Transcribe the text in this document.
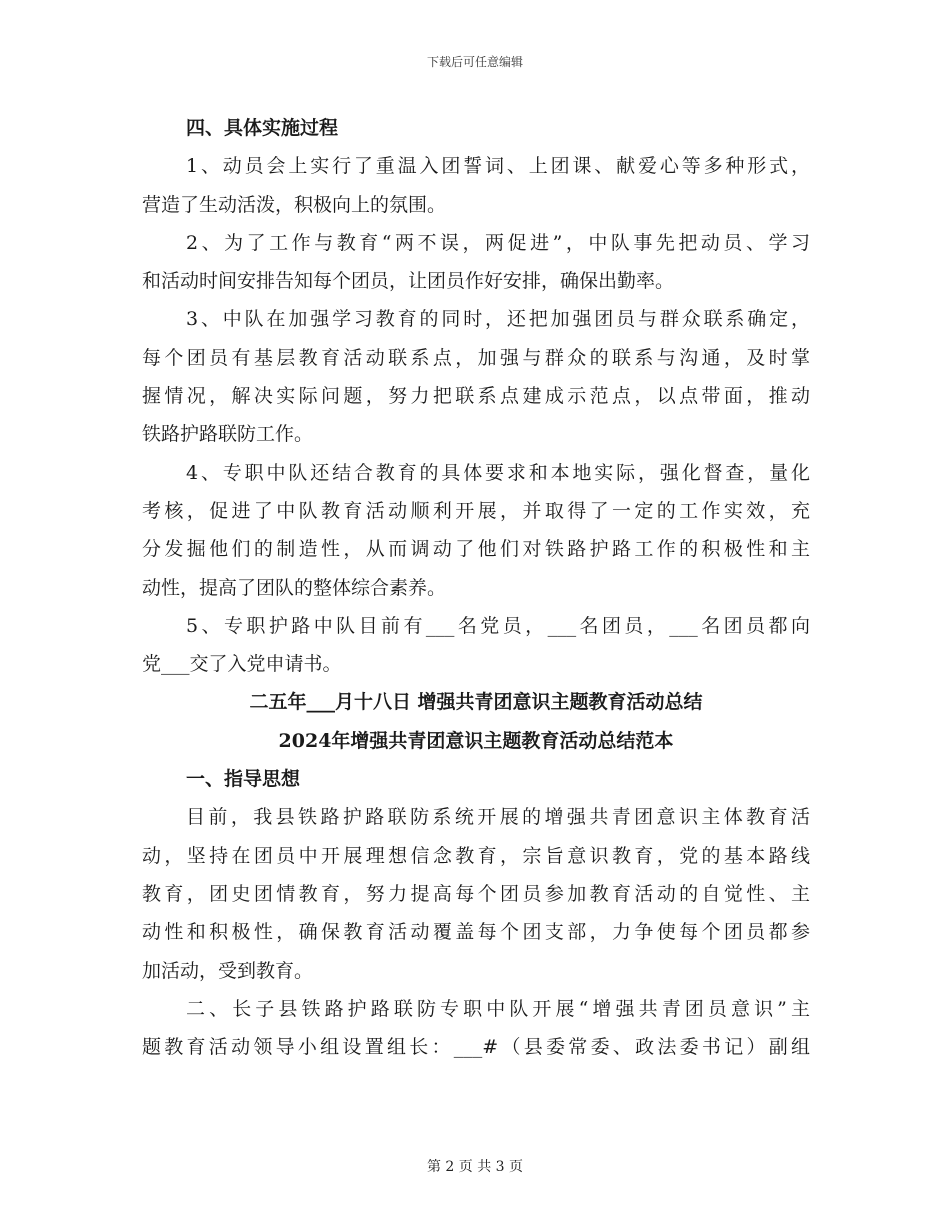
下载后可任意编辑
四、具体实施过程
1、动员会上实行了重温入团誓词、上团课、献爱心等多种形式，
营造了生动活泼，积极向上的氛围。
2、为了工作与教育“两不误，两促进”，中队事先把动员、学习
和活动时间安排告知每个团员，让团员作好安排，确保出勤率。
3、中队在加强学习教育的同时，还把加强团员与群众联系确定，
每个团员有基层教育活动联系点，加强与群众的联系与沟通，及时掌
握情况，解决实际问题，努力把联系点建成示范点，以点带面，推动
铁路护路联防工作。
4、专职中队还结合教育的具体要求和本地实际，强化督查，量化
考核，促进了中队教育活动顺利开展，并取得了一定的工作实效，充
分发掘他们的制造性，从而调动了他们对铁路护路工作的积极性和主
动性，提高了团队的整体综合素养。
5、专职护路中队目前有___名党员，___名团员，___名团员都向
党___交了入党申请书。
二五年___月十八日 增强共青团意识主题教育活动总结
2024年增强共青团意识主题教育活动总结范本
一、指导思想
目前，我县铁路护路联防系统开展的增强共青团意识主体教育活
动，坚持在团员中开展理想信念教育，宗旨意识教育，党的基本路线
教育，团史团情教育，努力提高每个团员参加教育活动的自觉性、主
动性和积极性，确保教育活动覆盖每个团支部，力争使每个团员都参
加活动，受到教育。
二、长子县铁路护路联防专职中队开展“增强共青团员意识”主
题教育活动领导小组设置组长：___#（县委常委、政法委书记）副组
第 2 页 共 3 页
